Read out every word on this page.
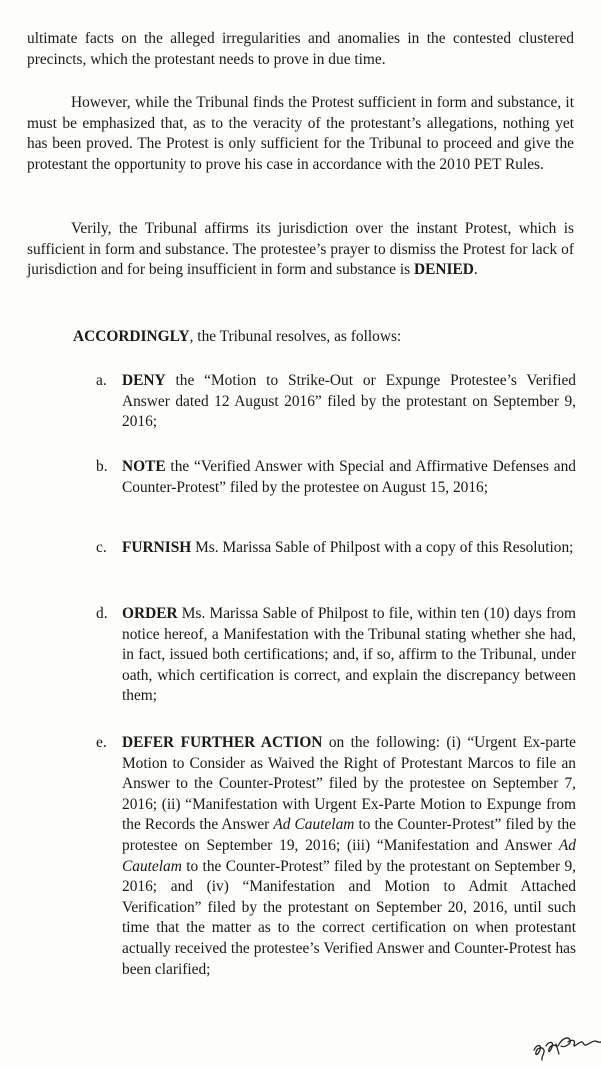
ultimate facts on the alleged irregularities and anomalies in the contested clustered precincts, which the protestant needs to prove in due time.

However, while the Tribunal finds the Protest sufficient in form and substance, it must be emphasized that, as to the veracity of the protestant’s allegations, nothing yet has been proved. The Protest is only sufficient for the Tribunal to proceed and give the protestant the opportunity to prove his case in accordance with the 2010 PET Rules.

Verily, the Tribunal affirms its jurisdiction over the instant Protest, which is sufficient in form and substance. The protestee’s prayer to dismiss the Protest for lack of jurisdiction and for being insufficient in form and substance is DENIED.

ACCORDINGLY, the Tribunal resolves, as follows:

a. DENY the “Motion to Strike-Out or Expunge Protestee’s Verified Answer dated 12 August 2016” filed by the protestant on September 9, 2016;

b. NOTE the “Verified Answer with Special and Affirmative Defenses and Counter-Protest” filed by the protestee on August 15, 2016;

c. FURNISH Ms. Marissa Sable of Philpost with a copy of this Resolution;

d. ORDER Ms. Marissa Sable of Philpost to file, within ten (10) days from notice hereof, a Manifestation with the Tribunal stating whether she had, in fact, issued both certifications; and, if so, affirm to the Tribunal, under oath, which certification is correct, and explain the discrepancy between them;

e. DEFER FURTHER ACTION on the following: (i) “Urgent Ex-parte Motion to Consider as Waived the Right of Protestant Marcos to file an Answer to the Counter-Protest” filed by the protestee on September 7, 2016; (ii) “Manifestation with Urgent Ex-Parte Motion to Expunge from the Records the Answer Ad Cautelam to the Counter-Protest” filed by the protestee on September 19, 2016; (iii) “Manifestation and Answer Ad Cautelam to the Counter-Protest” filed by the protestant on September 9, 2016; and (iv) “Manifestation and Motion to Admit Attached Verification” filed by the protestant on September 20, 2016, until such time that the matter as to the correct certification on when protestant actually received the protestee’s Verified Answer and Counter-Protest has been clarified;
